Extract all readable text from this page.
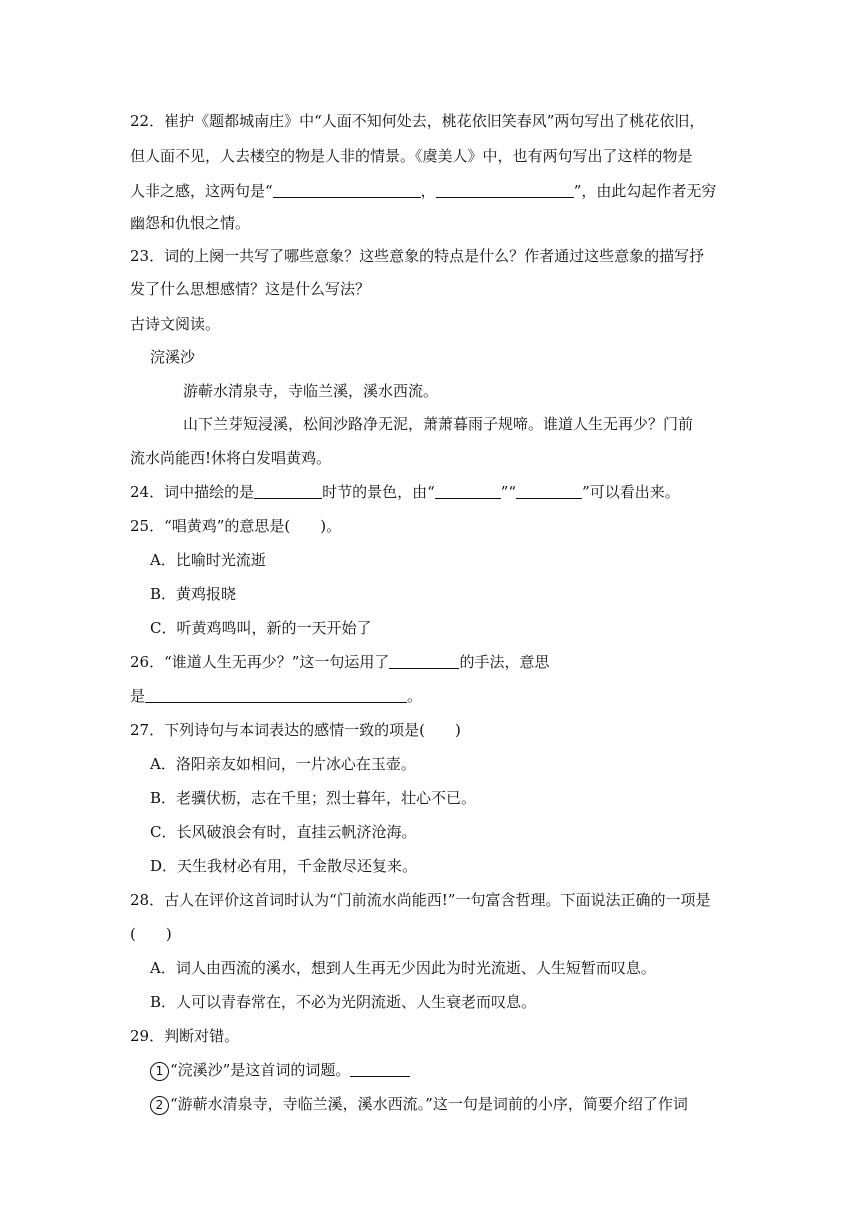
22．崔护《题都城南庄》中“人面不知何处去，桃花依旧笑春风”两句写出了桃花依旧，
但人面不见，人去楼空的物是人非的情景。《虞美人》中，也有两句写出了这样的物是
人非之感，这两句是“	，	”，由此勾起作者无穷
幽怨和仇恨之情。
23．词的上阕一共写了哪些意象？这些意象的特点是什么？作者通过这些意象的描写抒
发了什么思想感情？这是什么写法？
古诗文阅读。
浣溪沙
游蕲水清泉寺，寺临兰溪，溪水西流。
山下兰芽短浸溪，松间沙路净无泥，萧萧暮雨子规啼。谁道人生无再少？门前
流水尚能西!休将白发唱黄鸡。
24．词中描绘的是	时节的景色，由“	”“	”可以看出来。
25．“唱黄鸡”的意思是(　　)。
A．比喻时光流逝
B．黄鸡报晓
C．听黄鸡鸣叫，新的一天开始了
26．“谁道人生无再少？”这一句运用了	的手法，意思
是	。
27．下列诗句与本词表达的感情一致的项是(　　)
A．洛阳亲友如相问，一片冰心在玉壶。
B．老骥伏枥，志在千里；烈士暮年，壮心不已。
C．长风破浪会有时，直挂云帆济沧海。
D．天生我材必有用，千金散尽还复来。
28．古人在评价这首词时认为“门前流水尚能西!”一句富含哲理。下面说法正确的一项是
(　　)
A．词人由西流的溪水，想到人生再无少因此为时光流逝、人生短暂而叹息。
B．人可以青春常在，不必为光阴流逝、人生衰老而叹息。
29．判断对错。
1 “浣溪沙”是这首词的词题。
2 “游蕲水清泉寺，寺临兰溪，溪水西流。”这一句是词前的小序，简要介绍了作词
